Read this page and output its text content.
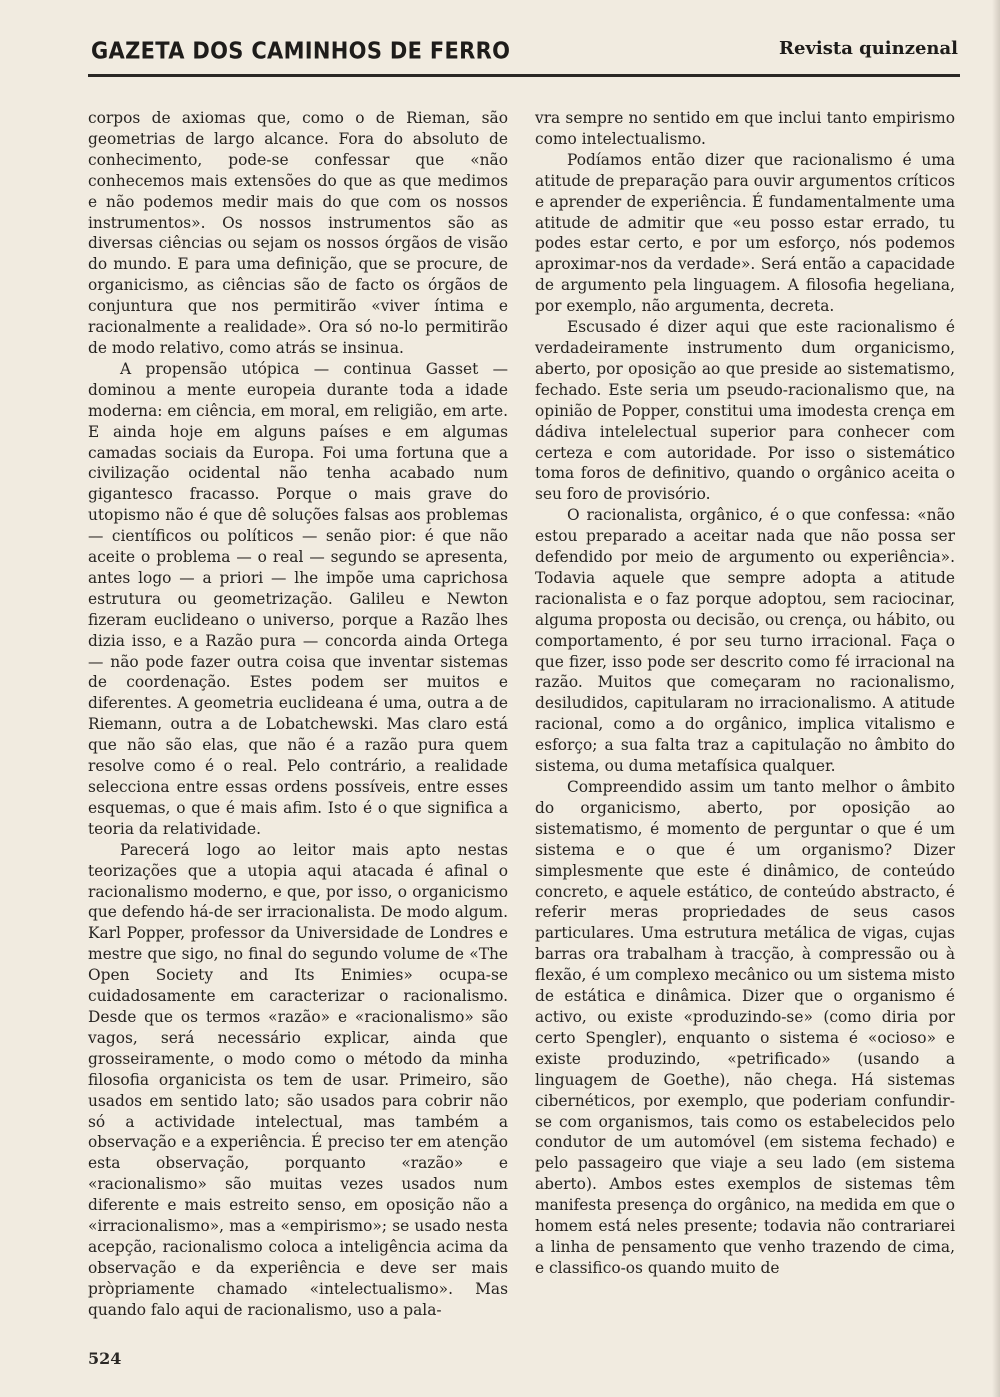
GAZETA DOS CAMINHOS DE FERRO	Revista quinzenal

corpos de axiomas que, como o de Rieman, são geometrias de largo alcance. Fora do absoluto de conhecimento, pode-se confessar que «não conhecemos mais extensões do que as que medimos e não podemos medir mais do que com os nossos instrumentos». Os nossos instrumentos são as diversas ciências ou sejam os nossos órgãos de visão do mundo. E para uma definição, que se procure, de organicismo, as ciências são de facto os órgãos de conjuntura que nos permitirão «viver íntima e racionalmente a realidade». Ora só no-lo permitirão de modo relativo, como atrás se insinua.

A propensão utópica — continua Gasset — dominou a mente europeia durante toda a idade moderna: em ciência, em moral, em religião, em arte. E ainda hoje em alguns países e em algumas camadas sociais da Europa. Foi uma fortuna que a civilização ocidental não tenha acabado num gigantesco fracasso. Porque o mais grave do utopismo não é que dê soluções falsas aos problemas — científicos ou políticos — senão pior: é que não aceite o problema — o real — segundo se apresenta, antes logo — a priori — lhe impõe uma caprichosa estrutura ou geometrização. Galileu e Newton fizeram euclideano o universo, porque a Razão lhes dizia isso, e a Razão pura — concorda ainda Ortega — não pode fazer outra coisa que inventar sistemas de coordenação. Estes podem ser muitos e diferentes. A geometria euclideana é uma, outra a de Riemann, outra a de Lobatchewski. Mas claro está que não são elas, que não é a razão pura quem resolve como é o real. Pelo contrário, a realidade selecciona entre essas ordens possíveis, entre esses esquemas, o que é mais afim. Isto é o que significa a teoria da relatividade.

Parecerá logo ao leitor mais apto nestas teorizações que a utopia aqui atacada é afinal o racionalismo moderno, e que, por isso, o organicismo que defendo há-de ser irracionalista. De modo algum. Karl Popper, professor da Universidade de Londres e mestre que sigo, no final do segundo volume de «The Open Society and Its Enimies» ocupa-se cuidadosamente em caracterizar o racionalismo. Desde que os termos «razão» e «racionalismo» são vagos, será necessário explicar, ainda que grosseiramente, o modo como o método da minha filosofia organicista os tem de usar. Primeiro, são usados em sentido lato; são usados para cobrir não só a actividade intelectual, mas também a observação e a experiência. É preciso ter em atenção esta observação, porquanto «razão» e «racionalismo» são muitas vezes usados num diferente e mais estreito senso, em oposição não a «irracionalismo», mas a «empirismo»; se usado nesta acepção, racionalismo coloca a inteligência acima da observação e da experiência e deve ser mais pròpriamente chamado «intelectualismo». Mas quando falo aqui de racionalismo, uso a pala-

vra sempre no sentido em que inclui tanto empirismo como intelectualismo.

Podíamos então dizer que racionalismo é uma atitude de preparação para ouvir argumentos críticos e aprender de experiência. É fundamentalmente uma atitude de admitir que «eu posso estar errado, tu podes estar certo, e por um esforço, nós podemos aproximar-nos da verdade». Será então a capacidade de argumento pela linguagem. A filosofia hegeliana, por exemplo, não argumenta, decreta.

Escusado é dizer aqui que este racionalismo é verdadeiramente instrumento dum organicismo, aberto, por oposição ao que preside ao sistematismo, fechado. Este seria um pseudo-racionalismo que, na opinião de Popper, constitui uma imodesta crença em dádiva intelelectual superior para conhecer com certeza e com autoridade. Por isso o sistemático toma foros de definitivo, quando o orgânico aceita o seu foro de provisório.

O racionalista, orgânico, é o que confessa: «não estou preparado a aceitar nada que não possa ser defendido por meio de argumento ou experiência». Todavia aquele que sempre adopta a atitude racionalista e o faz porque adoptou, sem raciocinar, alguma proposta ou decisão, ou crença, ou hábito, ou comportamento, é por seu turno irracional. Faça o que fizer, isso pode ser descrito como fé irracional na razão. Muitos que começaram no racionalismo, desiludidos, capitularam no irracionalismo. A atitude racional, como a do orgânico, implica vitalismo e esforço; a sua falta traz a capitulação no âmbito do sistema, ou duma metafísica qualquer.

Compreendido assim um tanto melhor o âmbito do organicismo, aberto, por oposição ao sistematismo, é momento de perguntar o que é um sistema e o que é um organismo? Dizer simplesmente que este é dinâmico, de conteúdo concreto, e aquele estático, de conteúdo abstracto, é referir meras propriedades de seus casos particulares. Uma estrutura metálica de vigas, cujas barras ora trabalham à tracção, à compressão ou à flexão, é um complexo mecânico ou um sistema misto de estática e dinâmica. Dizer que o organismo é activo, ou existe «produzindo-se» (como diria por certo Spengler), enquanto o sistema é «ocioso» e existe produzindo, «petrificado» (usando a linguagem de Goethe), não chega. Há sistemas cibernéticos, por exemplo, que poderiam confundir-se com organismos, tais como os estabelecidos pelo condutor de um automóvel (em sistema fechado) e pelo passageiro que viaje a seu lado (em sistema aberto). Ambos estes exemplos de sistemas têm manifesta presença do orgânico, na medida em que o homem está neles presente; todavia não contrariarei a linha de pensamento que venho trazendo de cima, e classifico-os quando muito de

524
